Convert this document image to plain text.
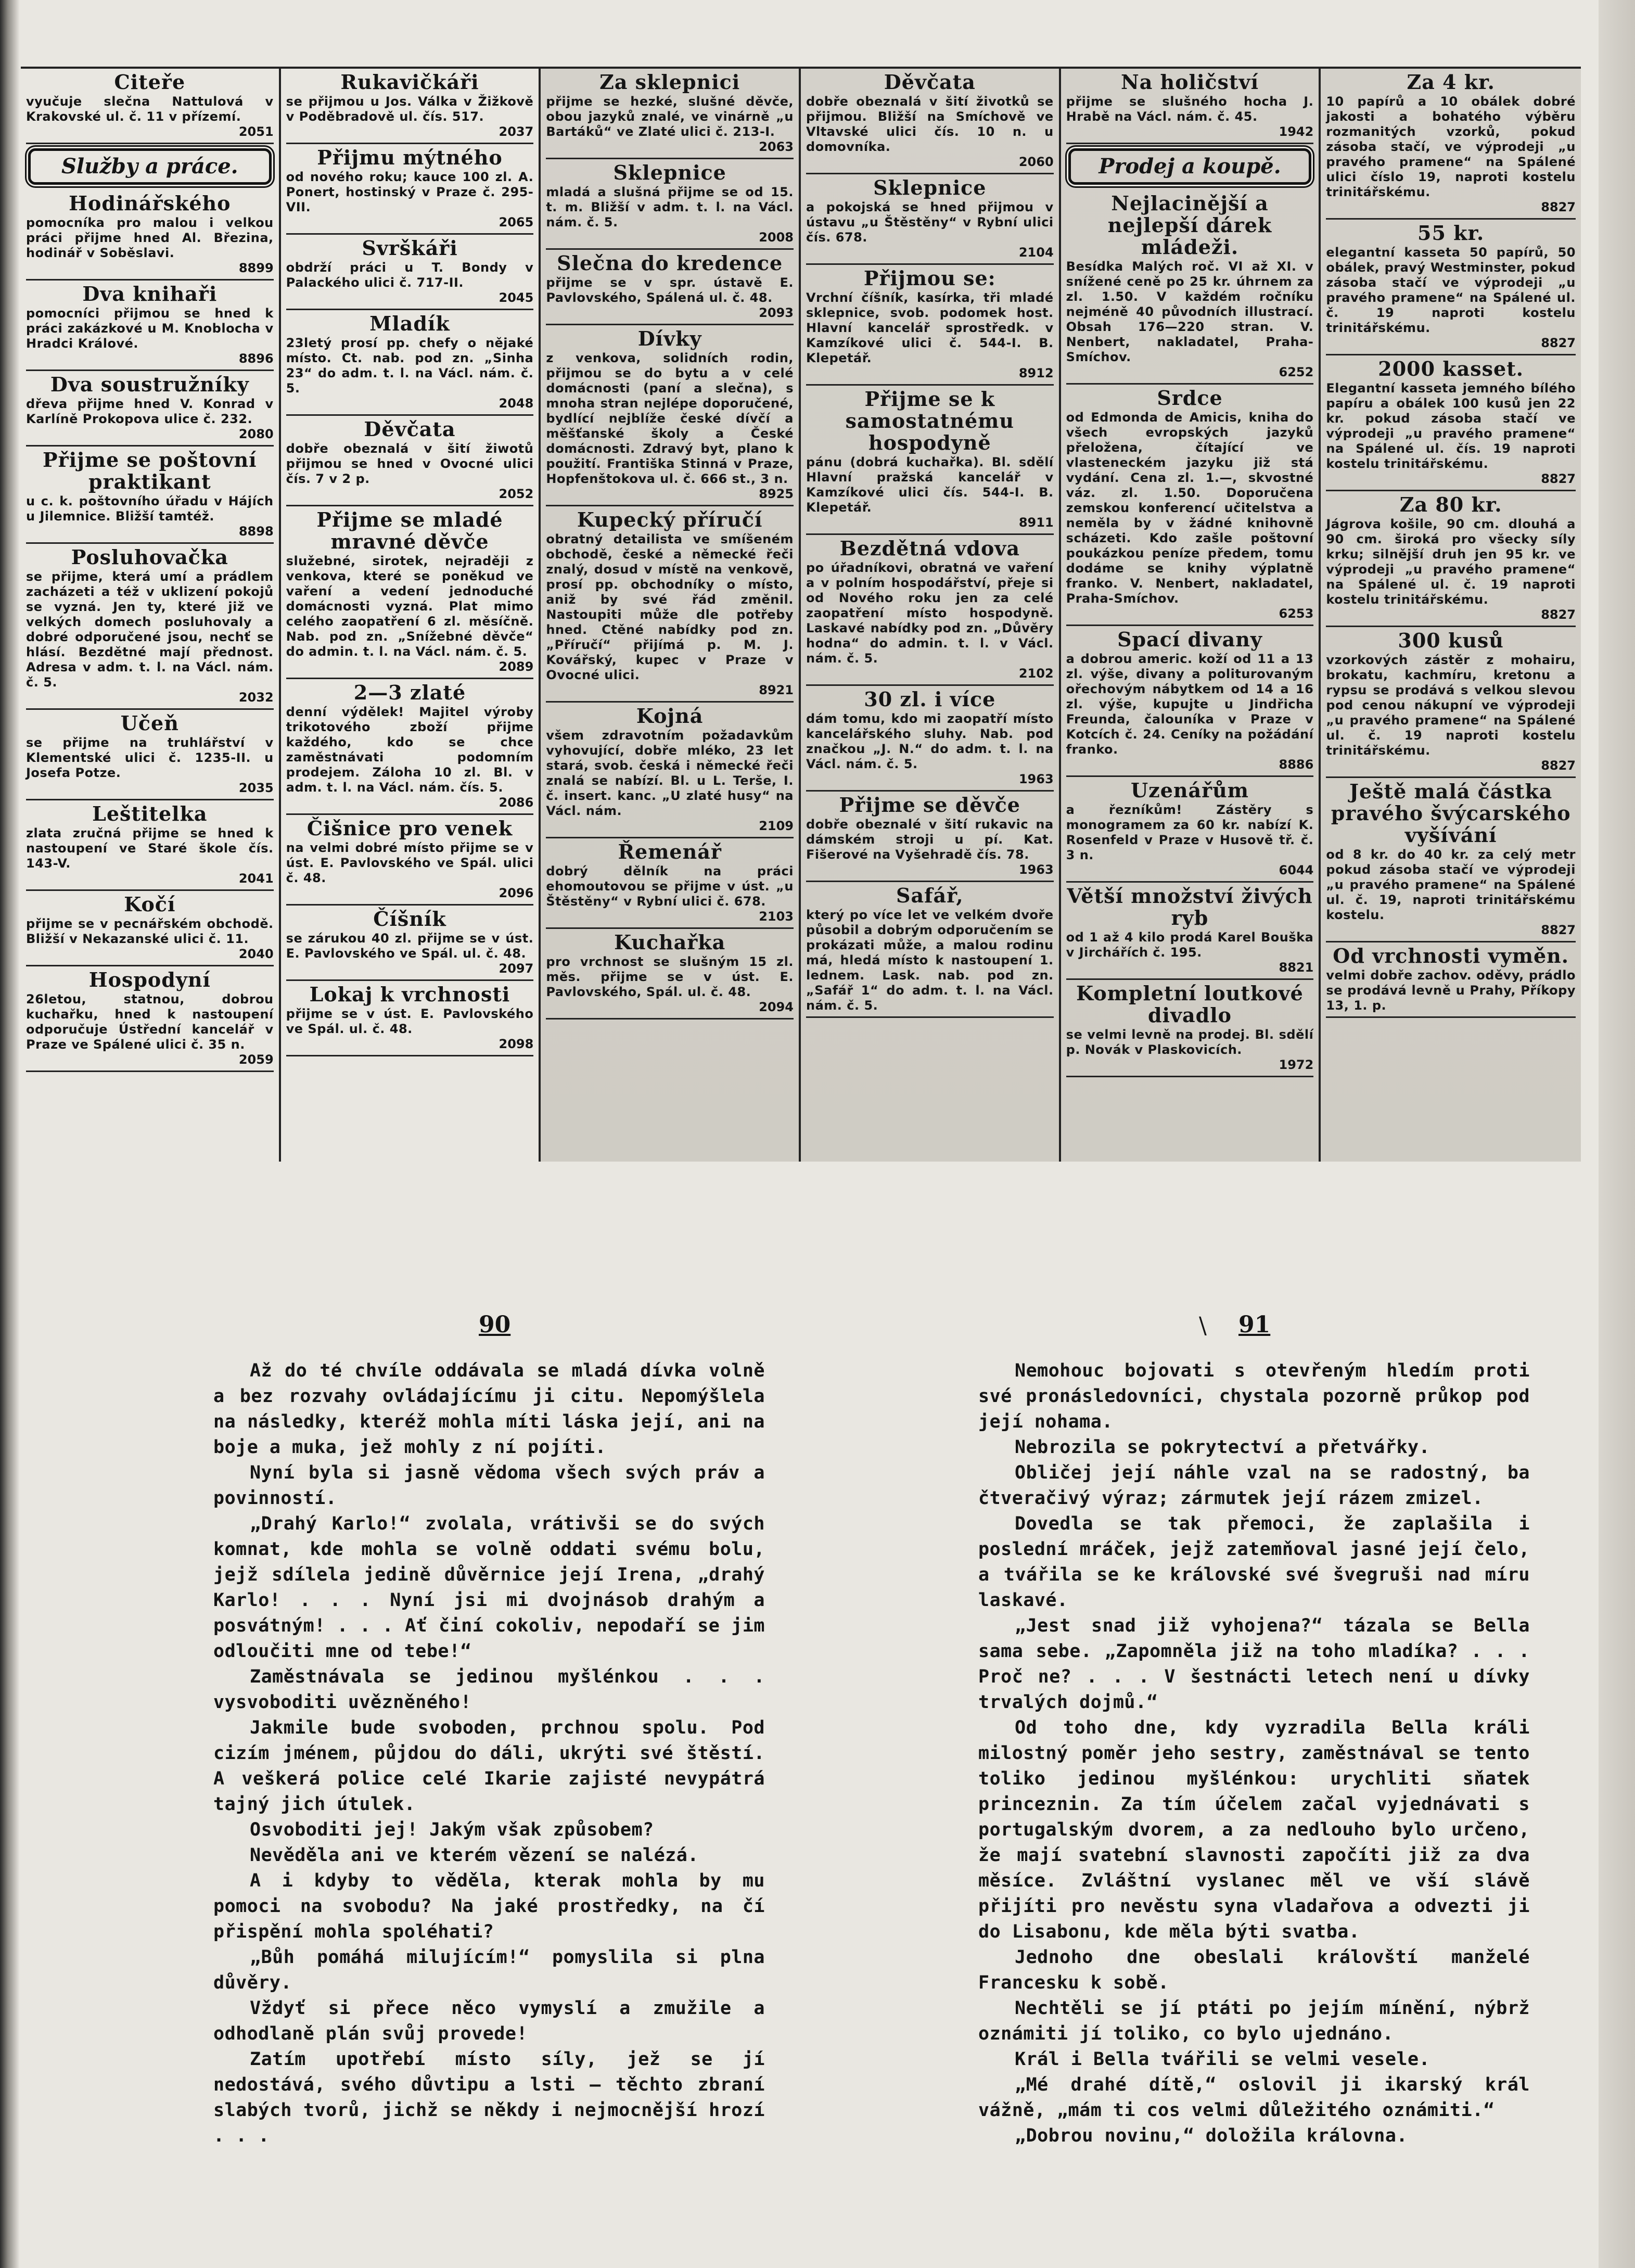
Citeře
vyučuje slečna Nattulová v Krakovské ul. č. 11 v přízemí.
2051
Služby a práce.
Hodinářského
pomocníka pro malou i velkou práci přijme hned Al. Březina, hodinář v Soběslavi.
8899
Dva knihaři
pomocníci přijmou se hned k práci zakázkové u M. Knoblocha v Hradci Králové.
8896
Dva soustružníky
dřeva přijme hned V. Konrad v Karlíně Prokopova ulice č. 232.
2080
Přijme se poštovní praktikant
u c. k. poštovního úřadu v Hájích u Jilemnice. Bližší tamtéž.
8898
Posluhovačka
se přijme, která umí a prádlem zacházeti a též v uklizení pokojů se vyzná. Jen ty, které již ve velkých domech posluhovaly a dobré odporučené jsou, nechť se hlásí. Bezdětné mají přednost. Adresa v adm. t. l. na Václ. nám. č. 5.
2032
Učeň
se přijme na truhlářství v Klementské ulici č. 1235-II. u Josefa Potze.
2035
Leštitelka
zlata zručná přijme se hned k nastoupení ve Staré škole čís. 143-V.
2041
Kočí
přijme se v pecnářském obchodě. Bližší v Nekazanské ulici č. 11.
2040
Hospodyní
26letou, statnou, dobrou kuchařku, hned k nastoupení odporučuje Ústřední kancelář v Praze ve Spálené ulici č. 35 n.
2059
Rukavičkáři
se přijmou u Jos. Válka v Žižkově v Poděbradově ul. čís. 517.
2037
Přijmu mýtného
od nového roku; kauce 100 zl. A. Ponert, hostinský v Praze č. 295-VII.
2065
Svrškáři
obdrží práci u T. Bondy v Palackého ulici č. 717-II.
2045
Mladík
23letý prosí pp. chefy o nějaké místo. Ct. nab. pod zn. „Sinha 23“ do adm. t. l. na Václ. nám. č. 5.
2048
Děvčata
dobře obeznalá v šití žiwotů přijmou se hned v Ovocné ulici čís. 7 v 2 p.
2052
Přijme se mladé mravné děvče
služebné, sirotek, nejraději z venkova, které se poněkud ve vaření a vedení jednoduché domácnosti vyzná. Plat mimo celého zaopatření 6 zl. měsíčně. Nab. pod zn. „Snížebné děvče“ do admin. t. l. na Václ. nám. č. 5.
2089
2—3 zlaté
denní výdělek! Majitel výroby trikotového zboží přijme každého, kdo se chce zaměstnávati podomním prodejem. Záloha 10 zl. Bl. v adm. t. l. na Václ. nám. čís. 5.
2086
Čišnice pro venek
na velmi dobré místo přijme se v úst. E. Pavlovského ve Spál. ulici č. 48.
2096
Číšník
se zárukou 40 zl. přijme se v úst. E. Pavlovského ve Spál. ul. č. 48.
2097
Lokaj k vrchnosti
přijme se v úst. E. Pavlovského ve Spál. ul. č. 48.
2098
Za sklepnici
přijme se hezké, slušné děvče, obou jazyků znalé, ve vinárně „u Bartáků“ ve Zlaté ulici č. 213-I.
2063
Sklepnice
mladá a slušná přijme se od 15. t. m. Bližší v adm. t. l. na Václ. nám. č. 5.
2008
Slečna do kredence
přijme se v spr. ústavě E. Pavlovského, Spálená ul. č. 48.
2093
Dívky
z venkova, solidních rodin, přijmou se do bytu a v celé domácnosti (paní a slečna), s mnoha stran nejlépe doporučené, bydlící nejblíže české dívčí a měšťanské školy a České domácnosti. Zdravý byt, plano k použití. Františka Stinná v Praze, Hopfenštokova ul. č. 666 st., 3 n.
8925
Kupecký příručí
obratný detailista ve smíšeném obchodě, české a německé řeči znalý, dosud v místě na venkově, prosí pp. obchodníky o místo, aniž by své řád změnil. Nastoupiti může dle potřeby hned. Ctěné nabídky pod zn. „Příručí“ přijímá p. M. J. Kovářský, kupec v Praze v Ovocné ulici.
8921
Kojná
všem zdravotním požadavkům vyhovující, dobře mléko, 23 let stará, svob. česká i německé řeči znalá se nabízí. Bl. u L. Terše, I. č. insert. kanc. „U zlaté husy“ na Václ. nám.
2109
Řemenář
dobrý dělník na práci ehomoutovou se přijme v úst. „u Štěstěny“ v Rybní ulici č. 678.
2103
Kuchařka
pro vrchnost se slušným 15 zl. měs. přijme se v úst. E. Pavlovského, Spál. ul. č. 48.
2094
Děvčata
dobře obeznalá v šití životků se přijmou. Bližší na Smíchově ve Vltavské ulici čís. 10 n. u domovníka.
2060
Sklepnice
a pokojská se hned přijmou v ústavu „u Štěstěny“ v Rybní ulici čís. 678.
2104
Přijmou se:
Vrchní číšník, kasírka, tři mladé sklepnice, svob. podomek host. Hlavní kancelář sprostředk. v Kamzíkové ulici č. 544-I. B. Klepetář.
8912
Přijme se k samostatnému hospodyně
pánu (dobrá kuchařka). Bl. sdělí Hlavní pražská kancelář v Kamzíkové ulici čís. 544-I. B. Klepetář.
8911
Bezdětná vdova
po úřadníkovi, obratná ve vaření a v polním hospodářství, přeje si od Nového roku jen za celé zaopatření místo hospodyně. Laskavé nabídky pod zn. „Důvěry hodna“ do admin. t. l. v Václ. nám. č. 5.
2102
30 zl. i více
dám tomu, kdo mi zaopatří místo kancelářského sluhy. Nab. pod značkou „J. N.“ do adm. t. l. na Václ. nám. č. 5.
1963
Přijme se děvče
dobře obeznalé v šití rukavic na dámském stroji u pí. Kat. Fišerové na Vyšehradě čís. 78.
1963
Safář,
který po více let ve velkém dvoře působil a dobrým odporučením se prokázati může, a malou rodinu má, hledá místo k nastoupení 1. lednem. Lask. nab. pod zn. „Safář 1“ do adm. t. l. na Václ. nám. č. 5.
Na holičství
přijme se slušného hocha J. Hrabě na Václ. nám. č. 45.
1942
Prodej a koupě.
Nejlacinější a nejlepší dárek mládeži.
Besídka Malých roč. VI až XI. v snížené ceně po 25 kr. úhrnem za zl. 1.50. V každém ročníku nejméně 40 původních illustrací. Obsah 176—220 stran. V. Nenbert, nakladatel, Praha-Smíchov.
6252
Srdce
od Edmonda de Amicis, kniha do všech evropských jazyků přeložena, čítající ve vlasteneckém jazyku již stá vydání. Cena zl. 1.—, skvostné váz. zl. 1.50. Doporučena zemskou konferencí učitelstva a neměla by v žádné knihovně scházeti. Kdo zašle poštovní poukázkou peníze předem, tomu dodáme se knihy výplatně franko. V. Nenbert, nakladatel, Praha-Smíchov.
6253
Spací divany
a dobrou americ. koží od 11 a 13 zl. výše, divany a politurovaným ořechovým nábytkem od 14 a 16 zl. výše, kupujte u Jindřicha Freunda, čalouníka v Praze v Kotcích č. 24. Ceníky na požádání franko.
8886
Uzenářům
a řezníkům! Zástěry s monogramem za 60 kr. nabízí K. Rosenfeld v Praze v Husově tř. č. 3 n.
6044
Větší množství živých ryb
od 1 až 4 kilo prodá Karel Bouška v Jirchářích č. 195.
8821
Kompletní loutkové divadlo
se velmi levně na prodej. Bl. sdělí p. Novák v Plaskovicích.
1972
Za 4 kr.
10 papírů a 10 obálek dobré jakosti a bohatého výběru rozmanitých vzorků, pokud zásoba stačí, ve výprodeji „u pravého pramene“ na Spálené ulici číslo 19, naproti kostelu trinitářskému.
8827
55 kr.
elegantní kasseta 50 papírů, 50 obálek, pravý Westminster, pokud zásoba stačí ve výprodeji „u pravého pramene“ na Spálené ul. č. 19 naproti kostelu trinitářskému.
8827
2000 kasset.
Elegantní kasseta jemného bílého papíru a obálek 100 kusů jen 22 kr. pokud zásoba stačí ve výprodeji „u pravého pramene“ na Spálené ul. čís. 19 naproti kostelu trinitářskému.
8827
Za 80 kr.
Jágrova košile, 90 cm. dlouhá a 90 cm. široká pro všecky síly krku; silnější druh jen 95 kr. ve výprodeji „u pravého pramene“ na Spálené ul. č. 19 naproti kostelu trinitářskému.
8827
300 kusů
vzorkových zástěr z mohairu, brokatu, kachmíru, kretonu a rypsu se prodává s velkou slevou pod cenou nákupní ve výprodeji „u pravého pramene“ na Spálené ul. č. 19 naproti kostelu trinitářskému.
8827
Ještě malá částka pravého švýcarského vyšívání
od 8 kr. do 40 kr. za celý metr pokud zásoba stačí ve výprodeji „u pravého pramene“ na Spálené ul. č. 19, naproti trinitářskému kostelu.
8827
Od vrchnosti vyměn.
velmi dobře zachov. oděvy, prádlo se prodává levně u Prahy, Příkopy 13, 1. p.
90	\ 91

Až do té chvíle oddávala se mladá dívka volně a bez rozvahy ovládajícímu ji citu. Nepomýšlela na následky, kteréž mohla míti láska její, ani na boje a muka, jež mohly z ní pojíti.

Nyní byla si jasně vědoma všech svých práv a povinností.

„Drahý Karlo!“ zvolala, vrátivši se do svých komnat, kde mohla se volně oddati svému bolu, jejž sdílela jedině důvěrnice její Irena, „drahý Karlo! . . . Nyní jsi mi dvojnásob drahým a posvátným! . . . Ať činí cokoliv, nepodaří se jim odloučiti mne od tebe!“

Zaměstnávala se jedinou myšlénkou . . . vysvoboditi uvězněného!

Jakmile bude svoboden, prchnou spolu. Pod cizím jménem, půjdou do dáli, ukrýti své štěstí. A veškerá police celé Ikarie zajisté nevypátrá tajný jich útulek.

Osvoboditi jej! Jakým však způsobem?

Nevěděla ani ve kterém vězení se nalézá.

A i kdyby to věděla, kterak mohla by mu pomoci na svobodu? Na jaké prostředky, na čí přispění mohla spoléhati?

„Bůh pomáhá milujícím!“ pomyslila si plna důvěry.

Vždyť si přece něco vymyslí a zmužile a odhodlaně plán svůj provede!

Zatím upotřebí místo síly, jež se jí nedostává, svého důvtipu a lsti — těchto zbraní slabých tvorů, jichž se někdy i nejmocnější hrozí . . .

Nemohouc bojovati s otevřeným hledím proti své pronásledovníci, chystala pozorně průkop pod její nohama.

Nebrozila se pokrytectví a přetvářky.

Obličej její náhle vzal na se radostný, ba čtveračivý výraz; zármutek její rázem zmizel.

Dovedla se tak přemoci, že zaplašila i poslední mráček, jejž zatemňoval jasné její čelo, a tvářila se ke královské své švegruši nad míru laskavé.

„Jest snad již vyhojena?“ tázala se Bella sama sebe. „Zapomněla již na toho mladíka? . . . Proč ne? . . . V šestnácti letech není u dívky trvalých dojmů.“

Od toho dne, kdy vyzradila Bella králi milostný poměr jeho sestry, zaměstnával se tento toliko jedinou myšlénkou: urychliti sňatek princeznin. Za tím účelem začal vyjednávati s portugalským dvorem, a za nedlouho bylo určeno, že mají svatební slavnosti započíti již za dva měsíce. Zvláštní vyslanec měl ve vší slávě přijíti pro nevěstu syna vladařova a odvezti ji do Lisabonu, kde měla býti svatba.

Jednoho dne obeslali královští manželé Francesku k sobě.

Nechtěli se jí ptáti po jejím mínění, nýbrž oznámiti jí toliko, co bylo ujednáno.

Král i Bella tvářili se velmi vesele.

„Mé drahé dítě,“ oslovil ji ikarský král vážně, „mám ti cos velmi důležitého oznámiti.“

„Dobrou novinu,“ doložila královna.
